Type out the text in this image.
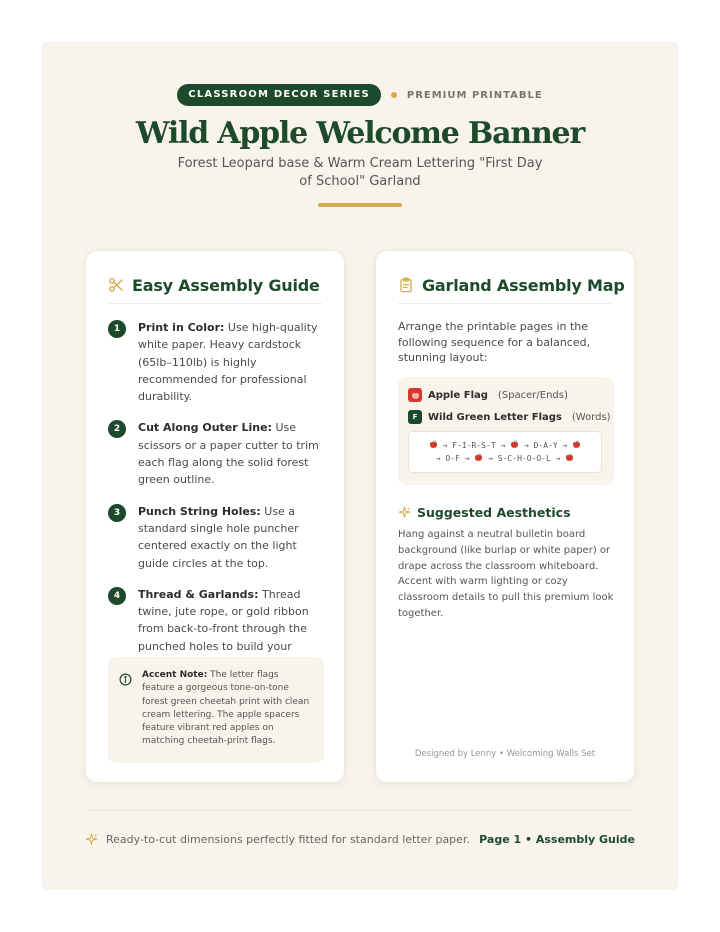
CLASSROOM DECOR SERIES	PREMIUM PRINTABLE
Wild Apple Welcome Banner
Forest Leopard base & Warm Cream Lettering "First Day of School" Garland
Easy Assembly Guide
1	Print in Color: Use high-quality white paper. Heavy cardstock (65lb–110lb) is highly recommended for professional durability.
2	Cut Along Outer Line: Use scissors or a paper cutter to trim each flag along the solid forest green outline.
3	Punch String Holes: Use a standard single hole puncher centered exactly on the light guide circles at the top.
4	Thread & Garlands: Thread twine, jute rope, or gold ribbon from back-to-front through the punched holes to build your
Accent Note: The letter flags feature a gorgeous tone-on-tone forest green cheetah print with clean cream lettering. The apple spacers feature vibrant red apples on matching cheetah-print flags.
Garland Assembly Map
Arrange the printable pages in the following sequence for a balanced, stunning layout:
Apple Flag (Spacer/Ends)
F	Wild Green Letter Flags (Words)
→ F-I-R-S-T → → D-A-Y →
→ O-F → → S-C-H-O-O-L →
Suggested Aesthetics
Hang against a neutral bulletin board background (like burlap or white paper) or drape across the classroom whiteboard. Accent with warm lighting or cozy classroom details to pull this premium look together.
Designed by Lenny • Welcoming Walls Set
Ready-to-cut dimensions perfectly fitted for standard letter paper. Page 1 • Assembly Guide
